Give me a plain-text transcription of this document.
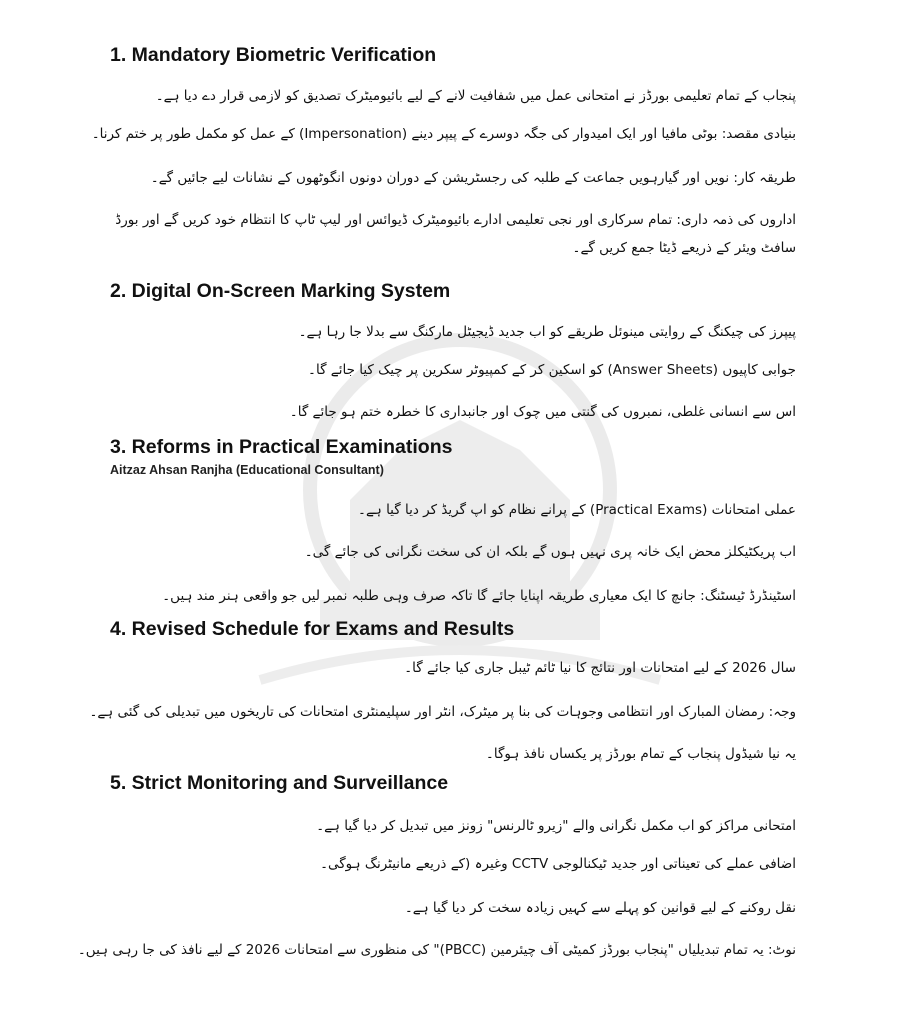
1. Mandatory Biometric Verification
پنجاب کے تمام تعلیمی بورڈز نے امتحانی عمل میں شفافیت لانے کے لیے بائیومیٹرک تصدیق کو لازمی قرار دے دیا ہے۔
بنیادی مقصد: بوٹی مافیا اور ایک امیدوار کی جگہ دوسرے کے پیپر دینے (Impersonation) کے عمل کو مکمل طور پر ختم کرنا۔
طریقہ کار: نویں اور گیارہویں جماعت کے طلبہ کی رجسٹریشن کے دوران دونوں انگوٹھوں کے نشانات لیے جائیں گے۔
اداروں کی ذمہ داری: تمام سرکاری اور نجی تعلیمی ادارے بائیومیٹرک ڈیوائس اور لیپ ٹاپ کا انتظام خود کریں گے اور بورڈ سافٹ ویئر کے ذریعے ڈیٹا جمع کریں گے۔
2. Digital On-Screen Marking System
پیپرز کی چیکنگ کے روایتی مینوئل طریقے کو اب جدید ڈیجیٹل مارکنگ سے بدلا جا رہا ہے۔
جوابی کاپیوں (Answer Sheets) کو اسکین کر کے کمپیوٹر سکرین پر چیک کیا جائے گا۔
اس سے انسانی غلطی، نمبروں کی گنتی میں چوک اور جانبداری کا خطرہ ختم ہو جائے گا۔
3. Reforms in Practical Examinations
Aitzaz Ahsan Ranjha (Educational Consultant)
عملی امتحانات (Practical Exams) کے پرانے نظام کو اپ گریڈ کر دیا گیا ہے۔
اب پریکٹیکلز محض ایک خانہ پری نہیں ہوں گے بلکہ ان کی سخت نگرانی کی جائے گی۔
اسٹینڈرڈ ٹیسٹنگ: جانچ کا ایک معیاری طریقہ اپنایا جائے گا تاکہ صرف وہی طلبہ نمبر لیں جو واقعی ہنر مند ہیں۔
4. Revised Schedule for Exams and Results
سال 2026 کے لیے امتحانات اور نتائج کا نیا ٹائم ٹیبل جاری کیا جائے گا۔
وجہ: رمضان المبارک اور انتظامی وجوہات کی بنا پر میٹرک، انٹر اور سپلیمنٹری امتحانات کی تاریخوں میں تبدیلی کی گئی ہے۔
یہ نیا شیڈول پنجاب کے تمام بورڈز پر یکساں نافذ ہوگا۔
5. Strict Monitoring and Surveillance
امتحانی مراکز کو اب مکمل نگرانی والے "زیرو ٹالرنس" زونز میں تبدیل کر دیا گیا ہے۔
اضافی عملے کی تعیناتی اور جدید ٹیکنالوجی CCTV وغیرہ (کے ذریعے مانیٹرنگ ہوگی۔
نقل روکنے کے لیے قوانین کو پہلے سے کہیں زیادہ سخت کر دیا گیا ہے۔
نوٹ: یہ تمام تبدیلیاں "پنجاب بورڈز کمیٹی آف چیئرمین (PBCC)" کی منظوری سے امتحانات 2026 کے لیے نافذ کی جا رہی ہیں۔
